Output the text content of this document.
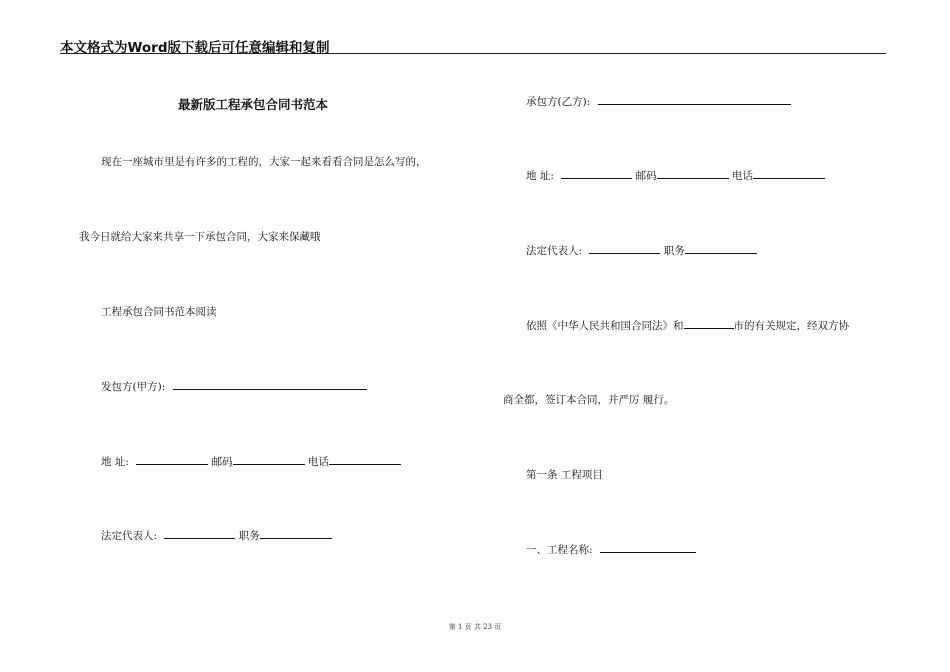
本文格式为Word版下载后可任意编辑和复制
最新版工程承包合同书范本
现在一座城市里是有许多的工程的，大家一起来看看合同是怎么写的，
我今日就给大家来共享一下承包合同，大家来保藏哦
工程承包合同书范本阅读
发包方(甲方):
地 址:	邮码	电话
法定代表人:	职务
承包方(乙方):
地 址:	邮码	电话
法定代表人:	职务
依照《中华人民共和国合同法》和	市的有关规定，经双方协
商全都，签订本合同，并严厉 履行。
第一条 工程项目
一、工程名称:
第 1 页 共 23 页
